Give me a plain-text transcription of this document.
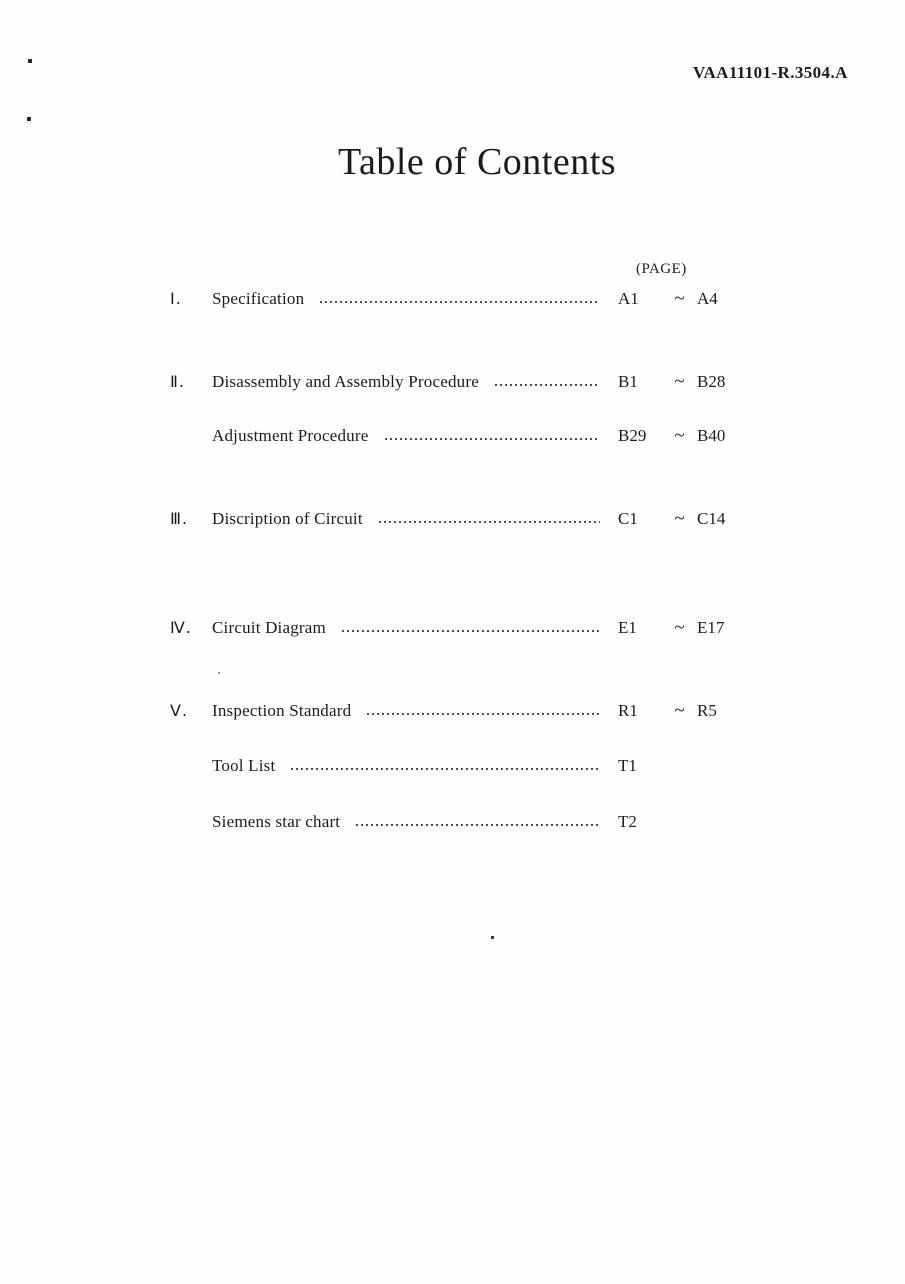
VAA11101-R.3504.A
Table of Contents
(PAGE)
Ⅰ.	Specification	A1	~ A4
Ⅱ.	Disassembly and Assembly Procedure	B1	~ B28
Adjustment Procedure	B29	~ B40
Ⅲ.	Discription of Circuit	C1	~ C14
Ⅳ.	Circuit Diagram	E1	~ E17
Ⅴ.	Inspection Standard	R1	~ R5
Tool List	T1
Siemens star chart	T2
